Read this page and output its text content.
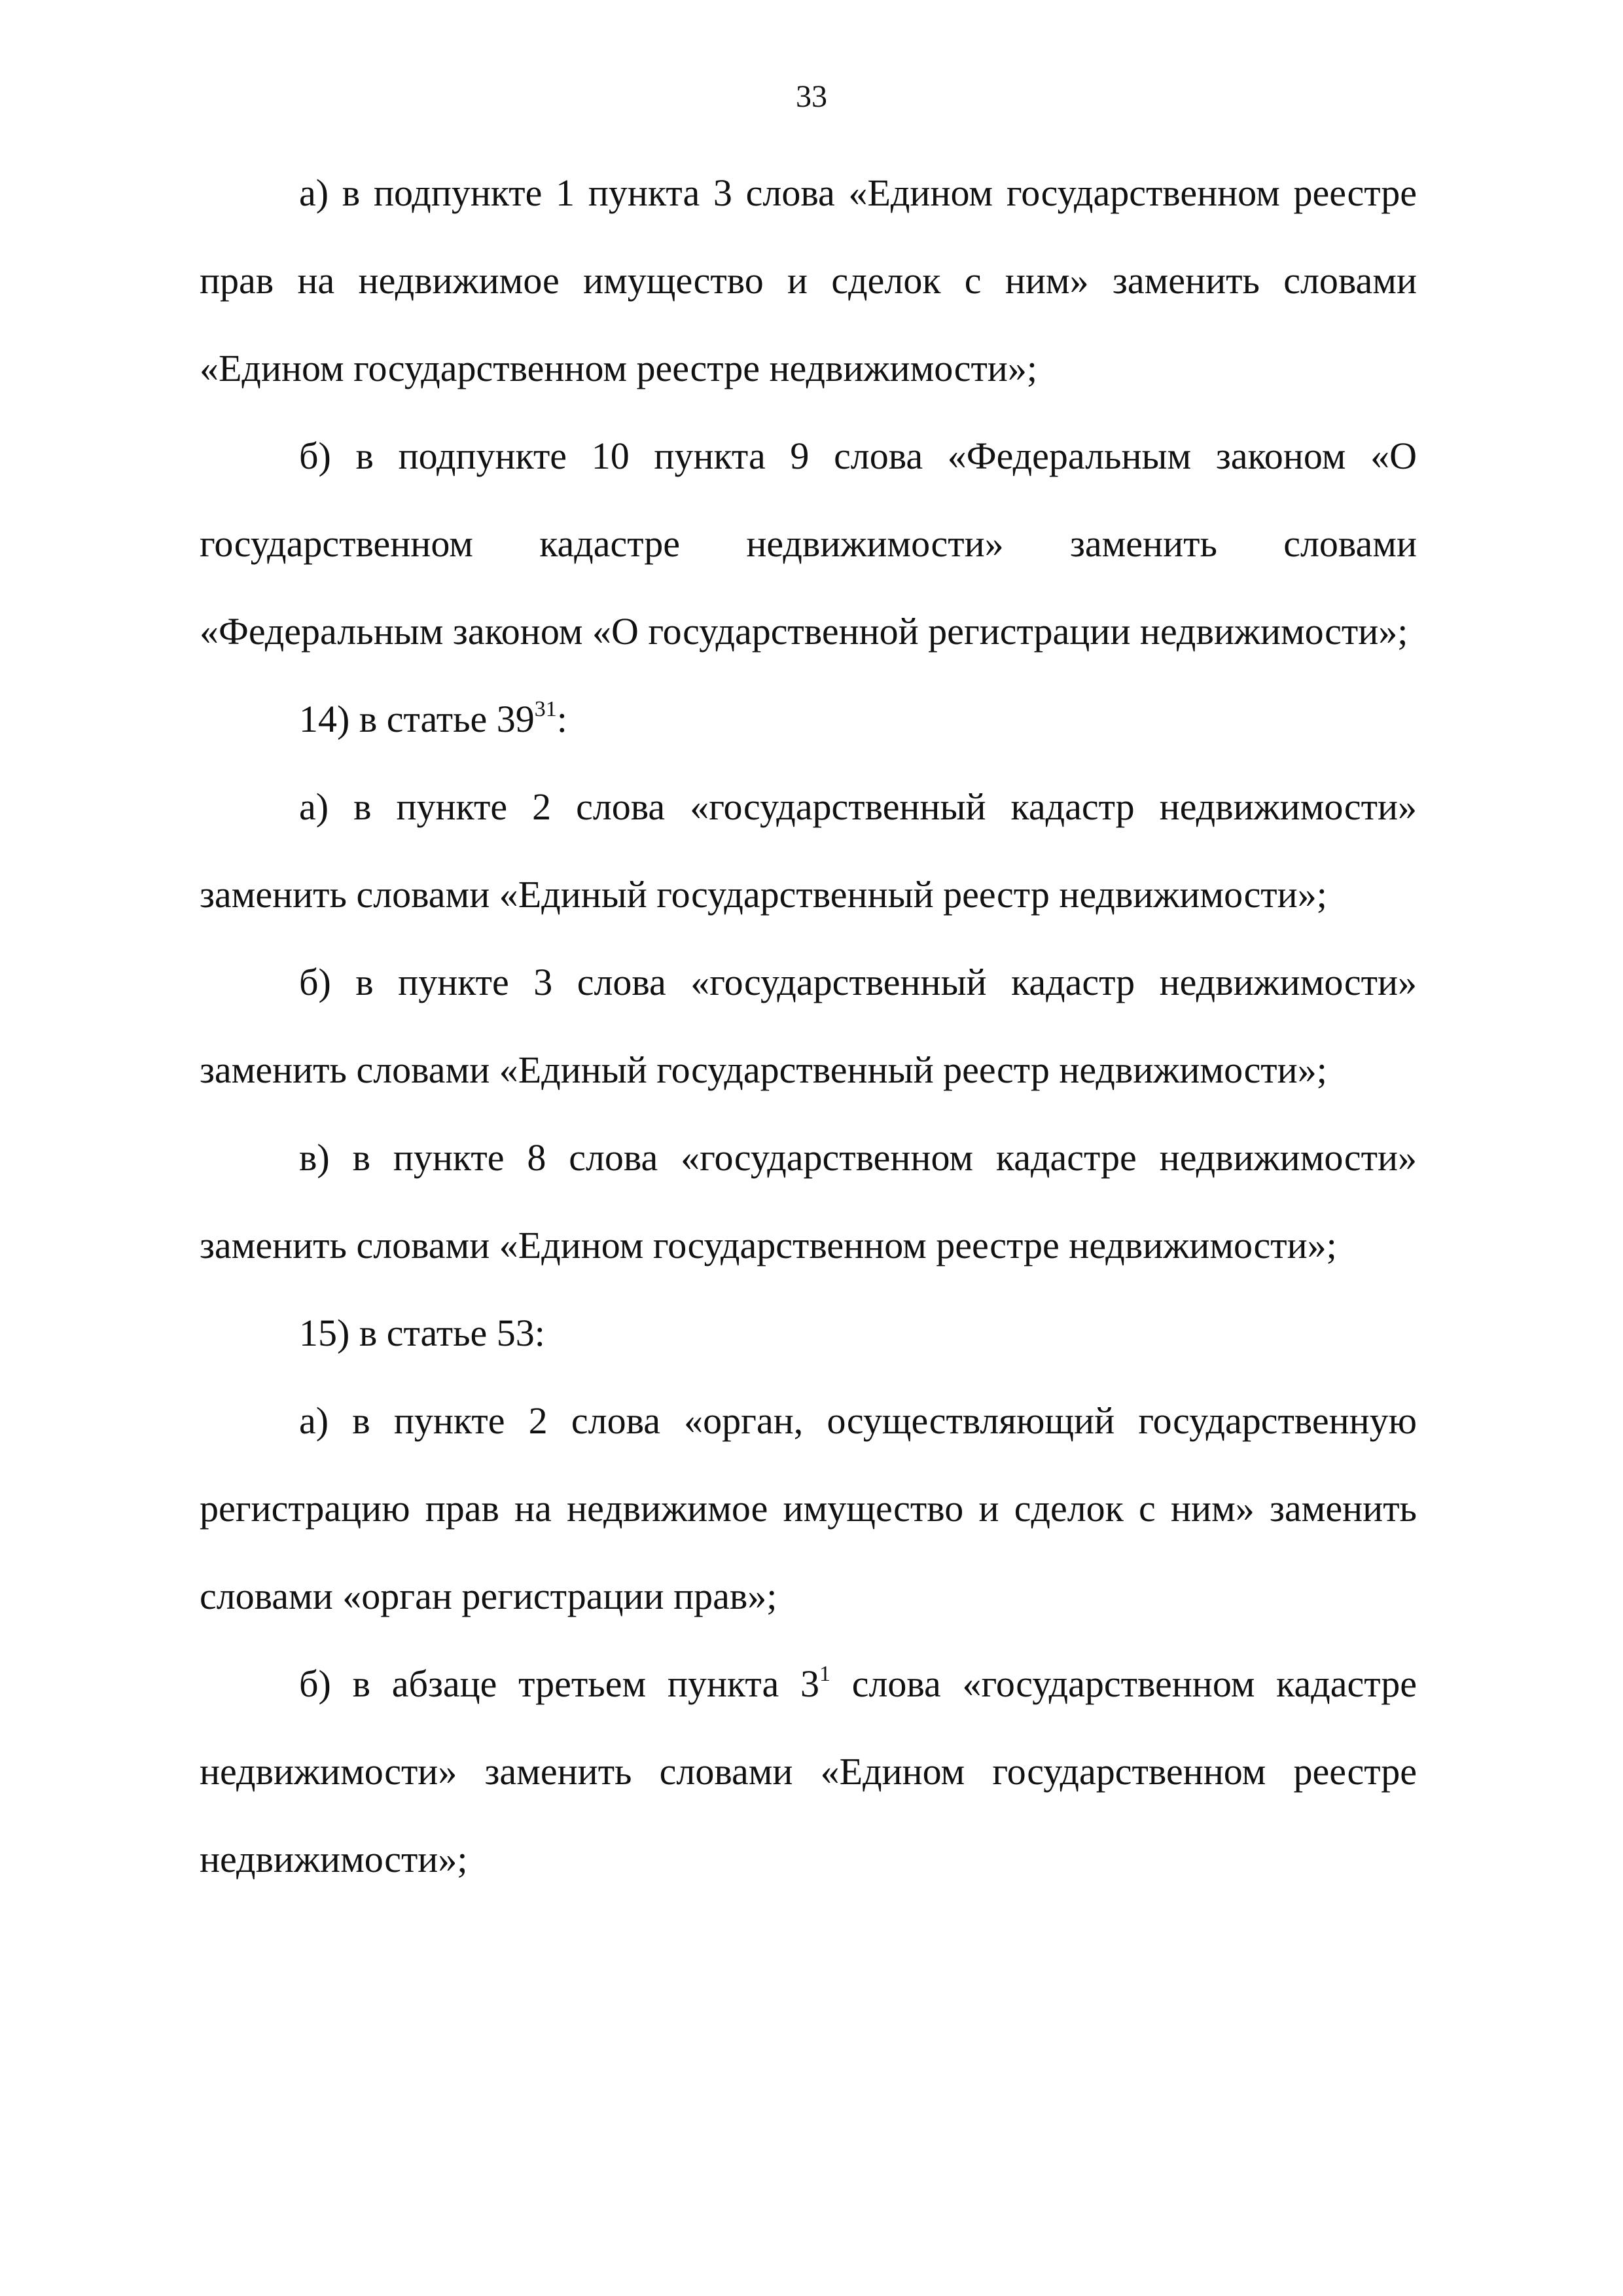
33

а) в подпункте 1 пункта 3 слова «Едином государственном реестре прав на недвижимое имущество и сделок с ним» заменить словами «Едином государственном реестре недвижимости»;

б) в подпункте 10 пункта 9 слова «Федеральным законом «О государственном кадастре недвижимости» заменить словами «Федеральным законом «О государственной регистрации недвижимости»;

14) в статье $39^{31}$:

а) в пункте 2 слова «государственный кадастр недвижимости» заменить словами «Единый государственный реестр недвижимости»;

б) в пункте 3 слова «государственный кадастр недвижимости» заменить словами «Единый государственный реестр недвижимости»;

в) в пункте 8 слова «государственном кадастре недвижимости» заменить словами «Едином государственном реестре недвижимости»;

15) в статье 53:

а) в пункте 2 слова «орган, осуществляющий государственную регистрацию прав на недвижимое имущество и сделок с ним» заменить словами «орган регистрации прав»;

б) в абзаце третьем пункта $3^1$ слова «государственном кадастре недвижимости» заменить словами «Едином государственном реестре недвижимости»;
